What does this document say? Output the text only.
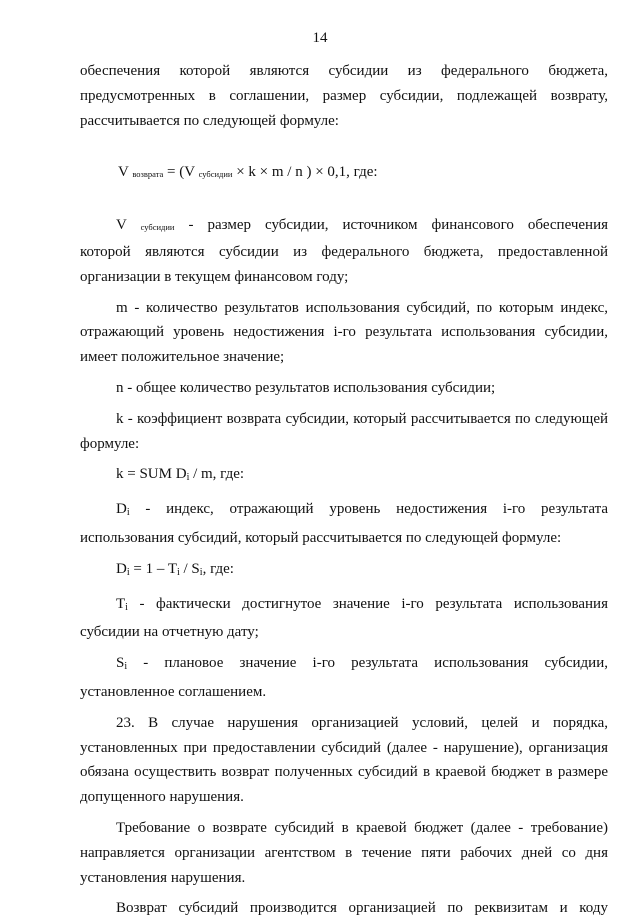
14

обеспечения которой являются субсидии из федерального бюджета,

предусмотренных в соглашении, размер субсидии, подлежащей возврату,

рассчитывается по следующей формуле:

V возврата = (V субсидии × k × m / n ) × 0,1, где:

V субсидии - размер субсидии, источником финансового обеспечения

которой являются субсидии из федерального бюджета, предоставленной организации в текущем финансовом году;

m - количество результатов использования субсидий, по которым индекс, отражающий уровень недостижения i-го результата использования субсидии, имеет положительное значение;

n - общее количество результатов использования субсидии;

k - коэффициент возврата субсидии, который рассчитывается по следующей формуле:

k = SUM Di / m, где:

Di - индекс, отражающий уровень недостижения i-го результата использования субсидий, который рассчитывается по следующей формуле:

Di = 1 – Ti / Si, где:

Ti - фактически достигнутое значение i-го результата использования субсидии на отчетную дату;

Si - плановое значение i-го результата использования субсидии, установленное соглашением.

23. В случае нарушения организацией условий, целей и порядка, установленных при предоставлении субсидий (далее - нарушение), организация обязана осуществить возврат полученных субсидий в краевой бюджет в размере допущенного нарушения.

Требование о возврате субсидий в краевой бюджет (далее - требование) направляется организации агентством в течение пяти рабочих дней со дня установления нарушения.

Возврат субсидий производится организацией по реквизитам и коду
